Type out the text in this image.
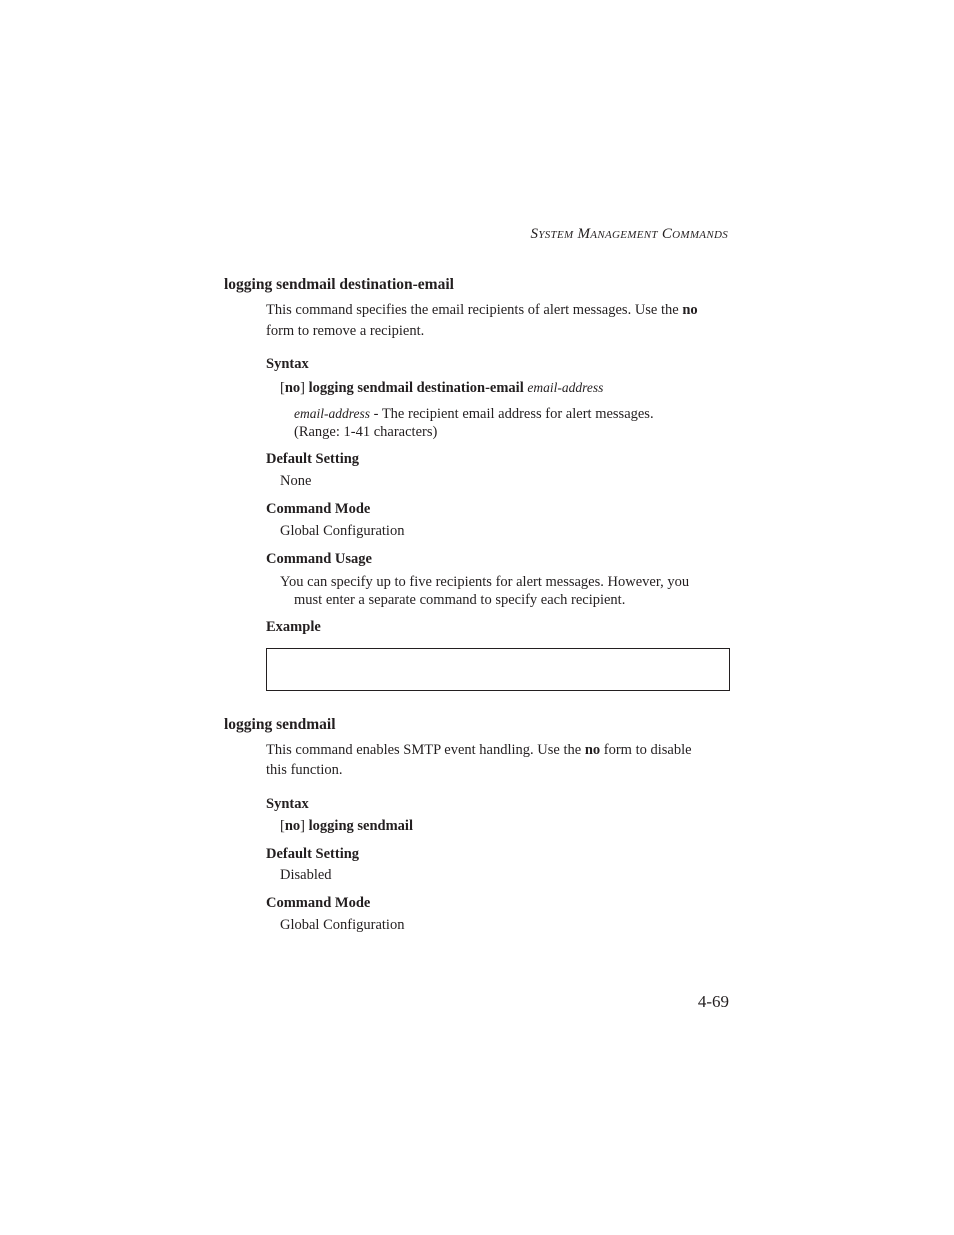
System Management Commands
logging sendmail destination-email
This command specifies the email recipients of alert messages. Use the no
form to remove a recipient.
Syntax
[no] logging sendmail destination-email email-address
email-address - The recipient email address for alert messages.
(Range: 1-41 characters)
Default Setting
None
Command Mode
Global Configuration
Command Usage
You can specify up to five recipients for alert messages. However, you
must enter a separate command to specify each recipient.
Example
logging sendmail
This command enables SMTP event handling. Use the no form to disable
this function.
Syntax
[no] logging sendmail
Default Setting
Disabled
Command Mode
Global Configuration
4-69
